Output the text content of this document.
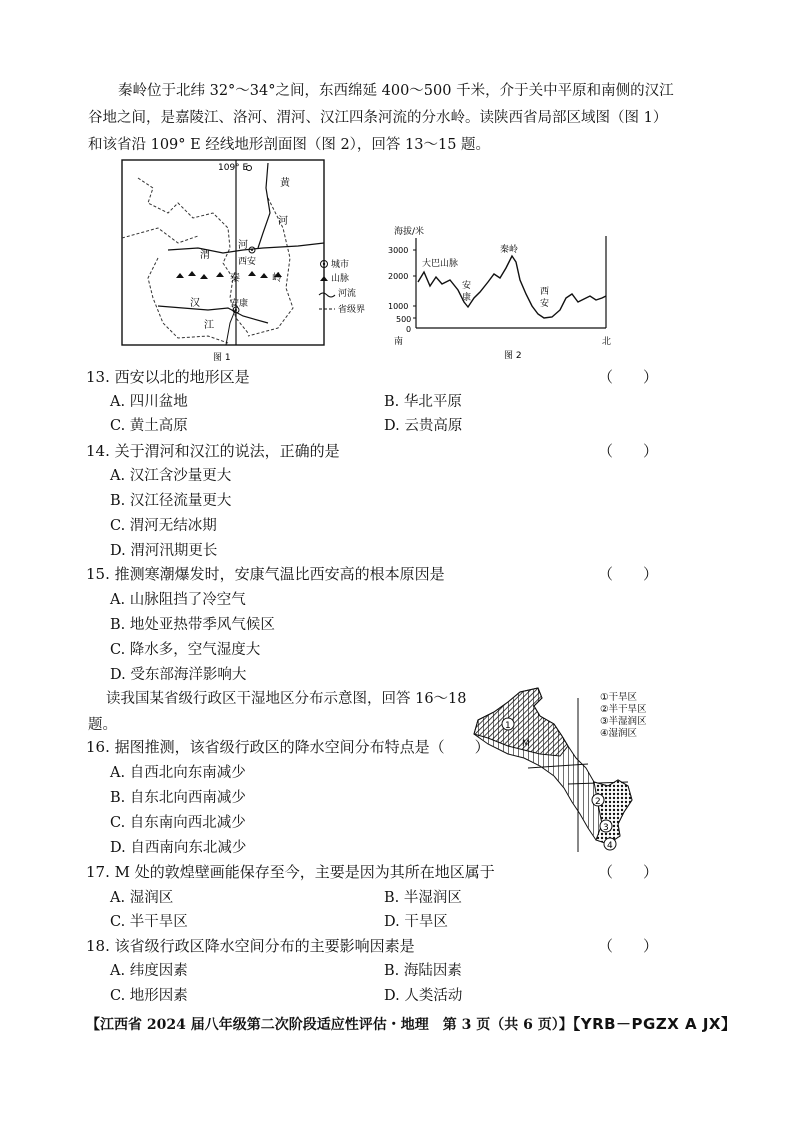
秦岭位于北纬 32°～34°之间，东西绵延 400～500 千米，介于关中平原和南侧的汉江谷地之间，是嘉陵江、洛河、渭河、汉江四条河流的分水岭。读陕西省局部区域图（图 1）和该省沿 109° E 经线地形剖面图（图 2），回答 13～15 题。

109° E
黄
河
渭
河
西安
秦	岭
汉
江
安康
图 1
城市
山脉
河流
省级界
海拔/米
3000
2000
1000
500
0
大巴山脉
秦岭
安
康
西
安
南	北
图 2
13. 西安以北的地形区是	（　　）
A. 四川盆地	B. 华北平原
C. 黄土高原	D. 云贵高原
14. 关于渭河和汉江的说法，正确的是	（　　）
A. 汉江含沙量更大
B. 汉江径流量更大
C. 渭河无结冰期
D. 渭河汛期更长
15. 推测寒潮爆发时，安康气温比西安高的根本原因是	（　　）
A. 山脉阻挡了冷空气
B. 地处亚热带季风气候区
C. 降水多，空气湿度大
D. 受东部海洋影响大

读我国某省级行政区干湿地区分布示意图，回答 16～18 题。	1
M
2
3
4
①干旱区
②半干旱区
③半湿润区
④湿润区
16. 据图推测，该省级行政区的降水空间分布特点是（　　）
A. 自西北向东南减少
B. 自东北向西南减少
C. 自东南向西北减少
D. 自西南向东北减少
17. M 处的敦煌壁画能保存至今，主要是因为其所在地区属于	（　　）
A. 湿润区	B. 半湿润区
C. 半干旱区	D. 干旱区
18. 该省级行政区降水空间分布的主要影响因素是	（　　）
A. 纬度因素	B. 海陆因素
C. 地形因素	D. 人类活动
【江西省 2024 届八年级第二次阶段适应性评估・地理　第 3 页（共 6 页）】【YRB－PGZX A JX】
